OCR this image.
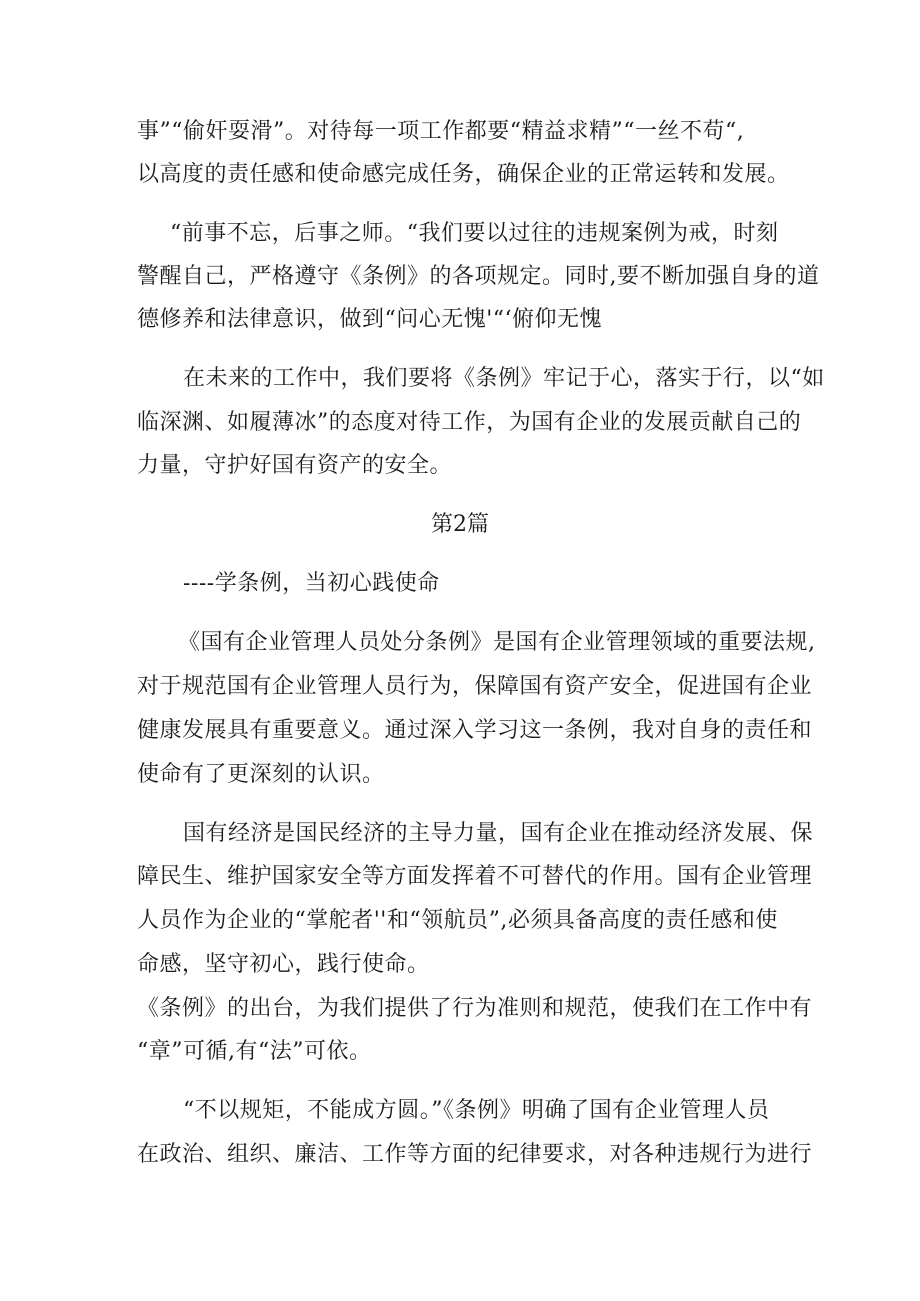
事”“偷奸耍滑”。对待每一项工作都要“精益求精”“一丝不苟“,
以高度的责任感和使命感完成任务，确保企业的正常运转和发展。
“前事不忘，后事之师。“我们要以过往的违规案例为戒，时刻
警醒自己，严格遵守《条例》的各项规定。同时,要不断加强自身的道
德修养和法律意识，做到“问心无愧'“‘俯仰无愧
在未来的工作中，我们要将《条例》牢记于心，落实于行，以“如
临深渊、如履薄冰”的态度对待工作，为国有企业的发展贡献自己的
力量，守护好国有资产的安全。
第2篇
----学条例，当初心践使命
《国有企业管理人员处分条例》是国有企业管理领域的重要法规,
对于规范国有企业管理人员行为，保障国有资产安全，促进国有企业
健康发展具有重要意义。通过深入学习这一条例，我对自身的责任和
使命有了更深刻的认识。
国有经济是国民经济的主导力量，国有企业在推动经济发展、保
障民生、维护国家安全等方面发挥着不可替代的作用。国有企业管理
人员作为企业的“掌舵者''和“领航员”,必须具备高度的责任感和使
命感，坚守初心，践行使命。
《条例》的出台，为我们提供了行为准则和规范，使我们在工作中有
“章”可循,有“法”可依。
“不以规矩，不能成方圆。”《条例》明确了国有企业管理人员
在政治、组织、廉洁、工作等方面的纪律要求，对各种违规行为进行
